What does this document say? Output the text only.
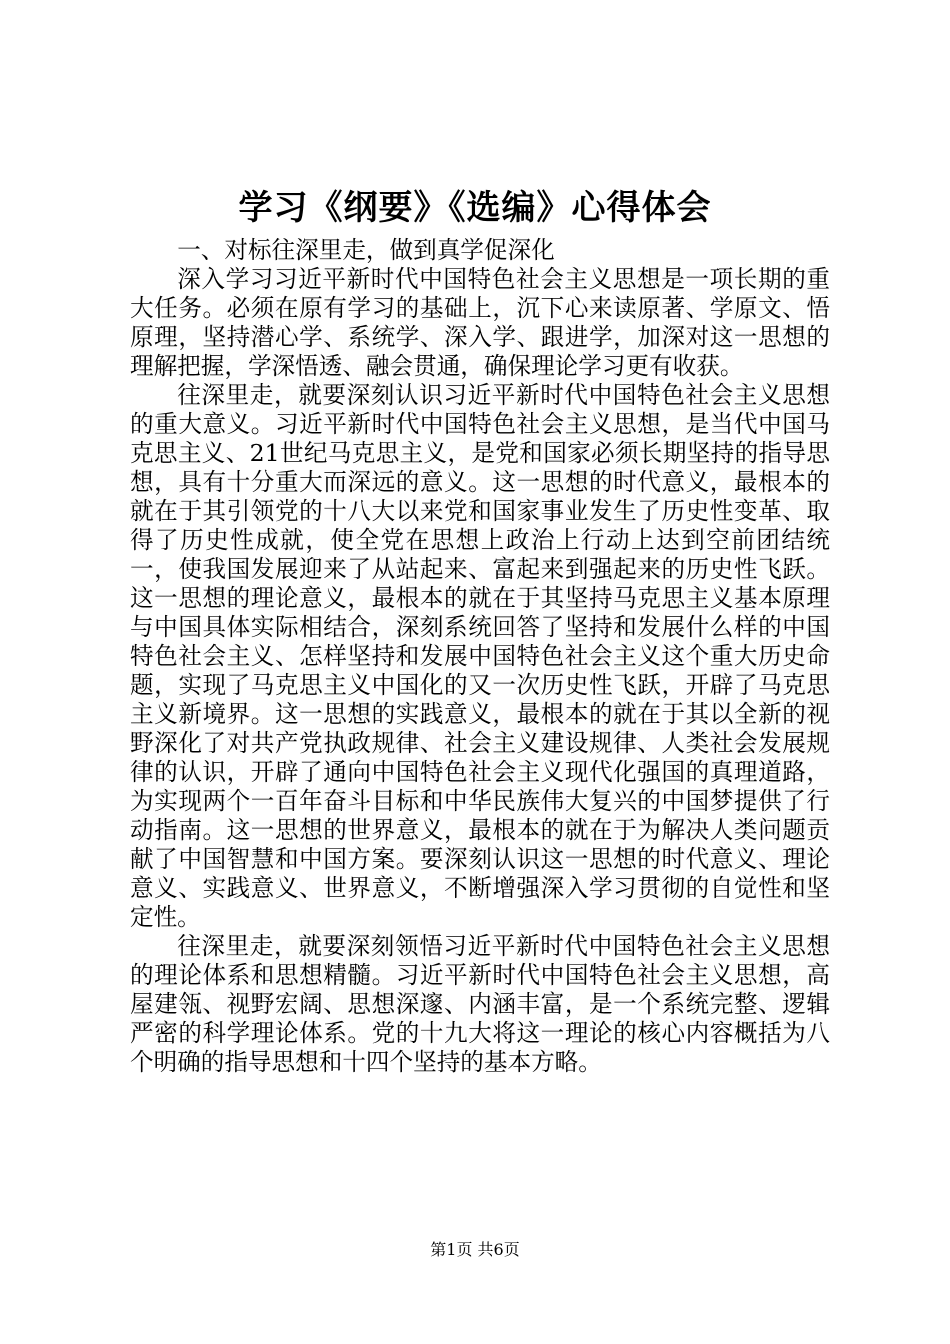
学习《纲要》《选编》心得体会

一、对标往深里走，做到真学促深化

深入学习习近平新时代中国特色社会主义思想是一项长期的重大任务。必须在原有学习的基础上，沉下心来读原著、学原文、悟原理，坚持潜心学、系统学、深入学、跟进学，加深对这一思想的理解把握，学深悟透、融会贯通，确保理论学习更有收获。

往深里走，就要深刻认识习近平新时代中国特色社会主义思想的重大意义。习近平新时代中国特色社会主义思想，是当代中国马克思主义、21世纪马克思主义，是党和国家必须长期坚持的指导思想，具有十分重大而深远的意义。这一思想的时代意义，最根本的就在于其引领党的十八大以来党和国家事业发生了历史性变革、取得了历史性成就，使全党在思想上政治上行动上达到空前团结统一，使我国发展迎来了从站起来、富起来到强起来的历史性飞跃。这一思想的理论意义，最根本的就在于其坚持马克思主义基本原理与中国具体实际相结合，深刻系统回答了坚持和发展什么样的中国特色社会主义、怎样坚持和发展中国特色社会主义这个重大历史命题，实现了马克思主义中国化的又一次历史性飞跃，开辟了马克思主义新境界。这一思想的实践意义，最根本的就在于其以全新的视野深化了对共产党执政规律、社会主义建设规律、人类社会发展规律的认识，开辟了通向中国特色社会主义现代化强国的真理道路，为实现两个一百年奋斗目标和中华民族伟大复兴的中国梦提供了行动指南。这一思想的世界意义，最根本的就在于为解决人类问题贡献了中国智慧和中国方案。要深刻认识这一思想的时代意义、理论意义、实践意义、世界意义，不断增强深入学习贯彻的自觉性和坚定性。

往深里走，就要深刻领悟习近平新时代中国特色社会主义思想的理论体系和思想精髓。习近平新时代中国特色社会主义思想，高屋建瓴、视野宏阔、思想深邃、内涵丰富，是一个系统完整、逻辑严密的科学理论体系。党的十九大将这一理论的核心内容概括为八个明确的指导思想和十四个坚持的基本方略。

第1页 共6页
